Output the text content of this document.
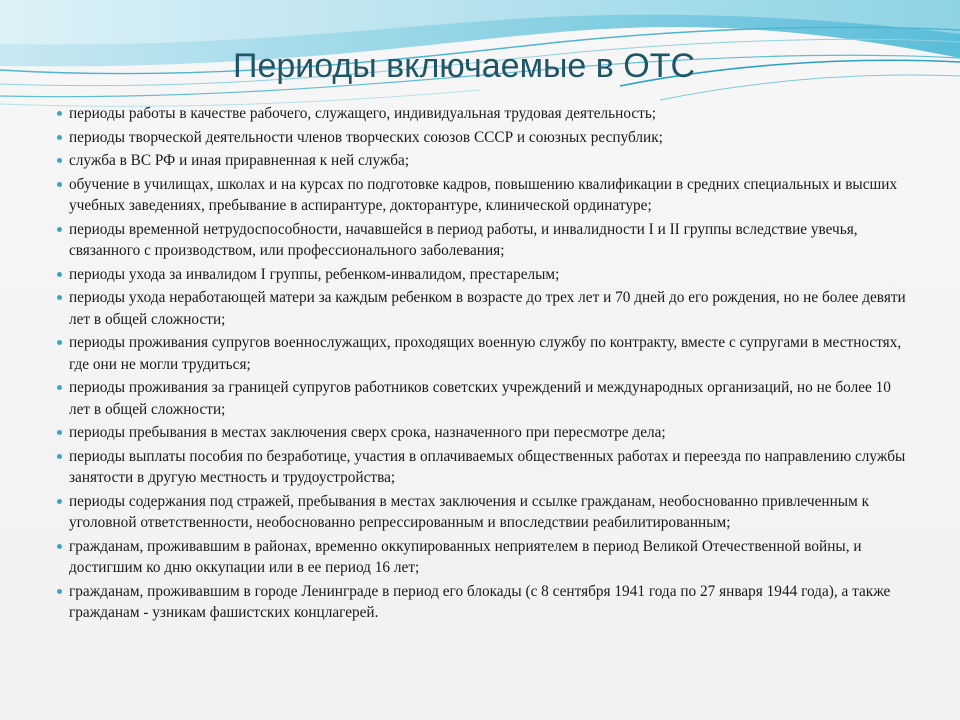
Периоды включаемые в ОТС
периоды работы в качестве рабочего, служащего, индивидуальная трудовая деятельность;
периоды творческой деятельности членов творческих союзов СССР и союзных республик;
служба в ВС РФ и иная приравненная к ней служба;
обучение в училищах, школах и на курсах по подготовке кадров, повышению квалификации в средних специальных и высших учебных заведениях, пребывание в аспирантуре, докторантуре, клинической ординатуре;
периоды временной нетрудоспособности, начавшейся в период работы, и инвалидности I и II группы вследствие увечья, связанного с производством, или профессионального заболевания;
периоды ухода за инвалидом I группы, ребенком-инвалидом, престарелым;
периоды ухода неработающей матери за каждым ребенком в возрасте до трех лет и 70 дней до его рождения, но не более девяти лет в общей сложности;
периоды проживания супругов военнослужащих, проходящих военную службу по контракту, вместе с супругами в местностях, где они не могли трудиться;
периоды проживания за границей супругов работников советских учреждений и международных организаций, но не более 10 лет в общей сложности;
периоды пребывания в местах заключения сверх срока, назначенного при пересмотре дела;
периоды выплаты пособия по безработице, участия в оплачиваемых общественных работах и переезда по направлению службы занятости в другую местность и трудоустройства;
периоды содержания под стражей, пребывания в местах заключения и ссылке гражданам, необоснованно привлеченным к уголовной ответственности, необоснованно репрессированным и впоследствии реабилитированным;
гражданам, проживавшим в районах, временно оккупированных неприятелем в период Великой Отечественной войны, и достигшим ко дню оккупации или в ее период 16 лет;
гражданам, проживавшим в городе Ленинграде в период его блокады (с 8 сентября 1941 года по 27 января 1944 года), а также гражданам - узникам фашистских концлагерей.
